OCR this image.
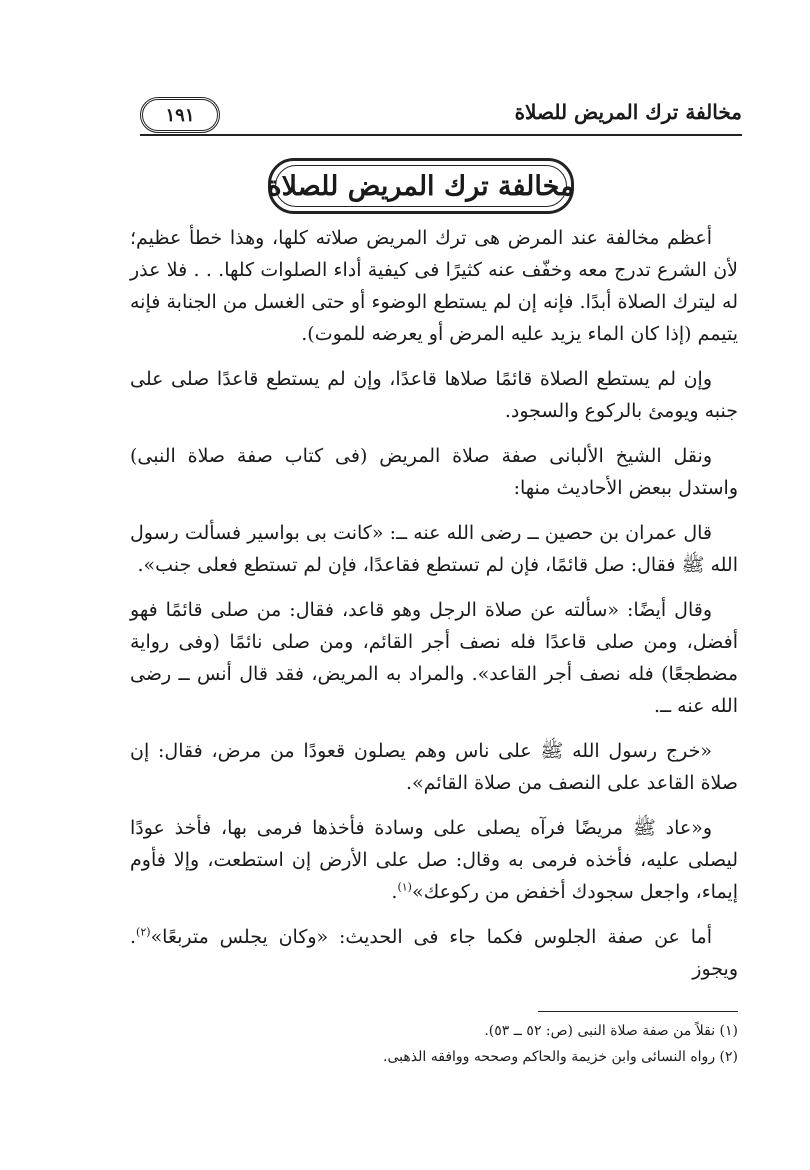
مخالفة ترك المريض للصلاة
١٩١
مخالفة ترك المريض للصلاة

أعظم مخالفة عند المرض هى ترك المريض صلاته كلها، وهذا خطأ عظيم؛ لأن الشرع تدرج معه وخفّف عنه كثيرًا فى كيفية أداء الصلوات كلها. . . فلا عذر له ليترك الصلاة أبدًا. فإنه إن لم يستطع الوضوء أو حتى الغسل من الجنابة فإنه يتيمم (إذا كان الماء يزيد عليه المرض أو يعرضه للموت).

وإن لم يستطع الصلاة قائمًا صلاها قاعدًا، وإن لم يستطع قاعدًا صلى على جنبه ويومئ بالركوع والسجود.

ونقل الشيخ الألبانى صفة صلاة المريض (فى كتاب صفة صلاة النبى) واستدل ببعض الأحاديث منها:

قال عمران بن حصين ــ رضى الله عنه ــ: «كانت بى بواسير فسألت رسول الله ﷺ فقال: صل قائمًا، فإن لم تستطع فقاعدًا، فإن لم تستطع فعلى جنب».

وقال أيضًا: «سألته عن صلاة الرجل وهو قاعد، فقال: من صلى قائمًا فهو أفضل، ومن صلى قاعدًا فله نصف أجر القائم، ومن صلى نائمًا (وفى رواية مضطجعًا) فله نصف أجر القاعد». والمراد به المريض، فقد قال أنس ــ رضى الله عنه ــ.

«خرج رسول الله ﷺ على ناس وهم يصلون قعودًا من مرض، فقال: إن صلاة القاعد على النصف من صلاة القائم».

و«عاد ﷺ مريضًا فرآه يصلى على وسادة فأخذها فرمى بها، فأخذ عودًا ليصلى عليه، فأخذه فرمى به وقال: صل على الأرض إن استطعت، وإلا فأوم إيماء، واجعل سجودك أخفض من ركوعك»$^{(١)}$.

أما عن صفة الجلوس فكما جاء فى الحديث: «وكان يجلس متربعًا»$^{(٢)}$. ويجوز

(١) نقلاً من صفة صلاة النبى (ص: ٥٢ ــ ٥٣).

(٢) رواه النسائى وابن خزيمة والحاكم وصححه ووافقه الذهبى.
